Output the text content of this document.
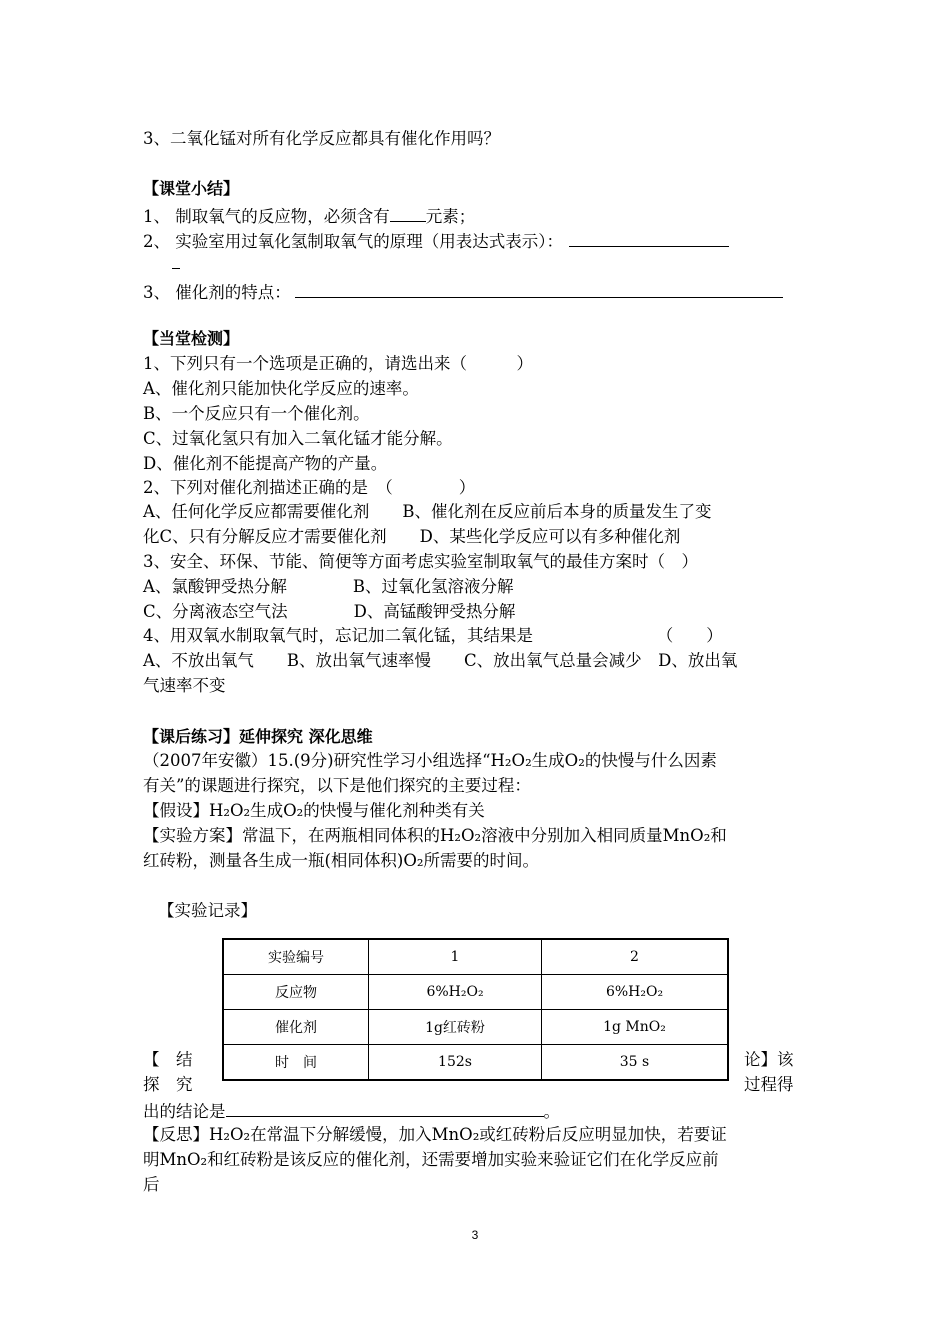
3、二氧化锰对所有化学反应都具有催化作用吗？
【课堂小结】
1、 制取氧气的反应物，必须含有 元素；
2、 实验室用过氧化氢制取氧气的原理（用表达式表示）：
3、 催化剂的特点：
【当堂检测】
1、下列只有一个选项是正确的，请选出来（　　　）
A、催化剂只能加快化学反应的速率。
B、一个反应只有一个催化剂。
C、过氧化氢只有加入二氧化锰才能分解。
D、催化剂不能提高产物的产量。
2、下列对催化剂描述正确的是　（　　　　）
A、任何化学反应都需要催化剂　　B、催化剂在反应前后本身的质量发生了变
化C、只有分解反应才需要催化剂　　D、某些化学反应可以有多种催化剂
3、安全、环保、节能、简便等方面考虑实验室制取氧气的最佳方案时（　）
A、氯酸钾受热分解　　　　B、过氧化氢溶液分解
C、分离液态空气法　　　　D、高锰酸钾受热分解
4、用双氧水制取氧气时，忘记加二氧化锰，其结果是　　　　　　　　（　　）
A、不放出氧气　　B、放出氧气速率慢　　C、放出氧气总量会减少　D、放出氧
气速率不变
【课后练习】延伸探究 深化思维
（2007年安徽）15.(9分)研究性学习小组选择“H₂O₂生成O₂的快慢与什么因素
有关”的课题进行探究，以下是他们探究的主要过程：
【假设】H₂O₂生成O₂的快慢与催化剂种类有关
【实验方案】常温下，在两瓶相同体积的H₂O₂溶液中分别加入相同质量MnO₂和
红砖粉，测量各生成一瓶(相同体积)O₂所需要的时间。
【实验记录】
实验编号	1	2
反应物	6%H₂O₂	6%H₂O₂
催化剂	1g红砖粉	1g MnO₂
时　间	152s	35 s
【　结
探　究
论】该
过程得
出的结论是	。
【反思】H₂O₂在常温下分解缓慢，加入MnO₂或红砖粉后反应明显加快，若要证
明MnO₂和红砖粉是该反应的催化剂，还需要增加实验来验证它们在化学反应前
后
3
